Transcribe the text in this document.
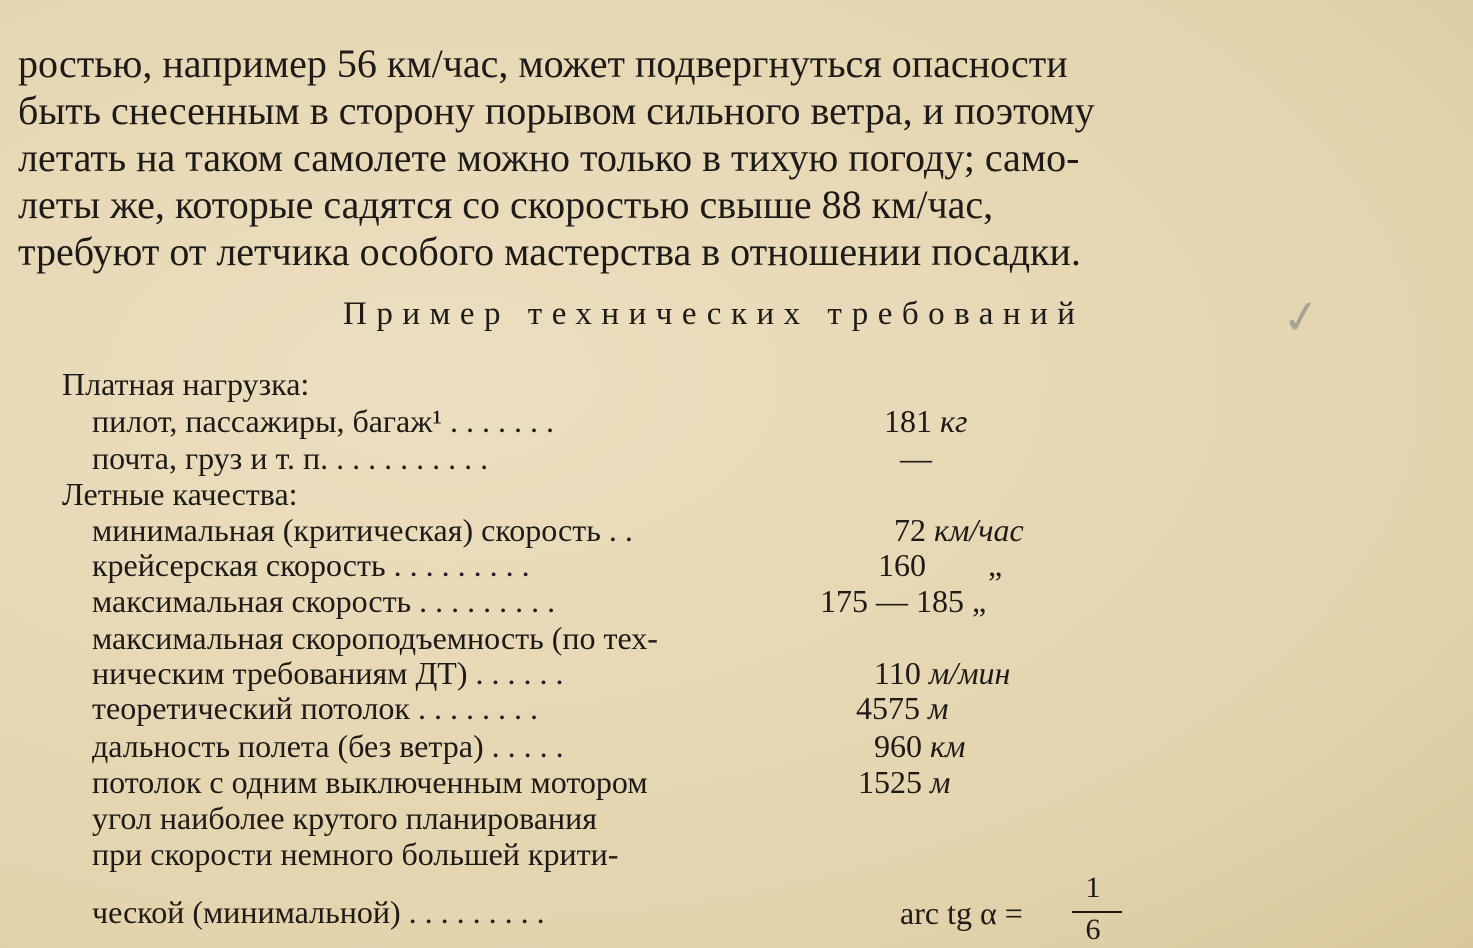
ростью, например 56 км/час, может подвергнуться опасности
быть снесенным в сторону порывом сильного ветра, и поэтому
летать на таком самолете можно только в тихую погоду; само-
леты же, которые садятся со скоростью свыше 88 км/час,
требуют от летчика особого мастерства в отношении посадки.
Пример технических требований	✓
Платная нагрузка:
пилот, пассажиры, багаж¹ . . . . . . .	181 кг
почта, груз и т. п. . . . . . . . . . .	—
Летные качества:
минимальная (критическая) скорость . .	72 км/час
крейсерская скорость . . . . . . . . .	160 „
максимальная скорость . . . . . . . . .	175 — 185 „
максимальная скороподъемность (по тех-
ническим требованиям ДТ) . . . . . .	110 м/мин
теоретический потолок . . . . . . . .	4575 м
дальность полета (без ветра) . . . . .	960 км
потолок с одним выключенным мотором	1525 м
угол наиболее крутого планирования
при скорости немного большей крити-
ческой (минимальной) . . . . . . . . .	arc tg α =
1
6
